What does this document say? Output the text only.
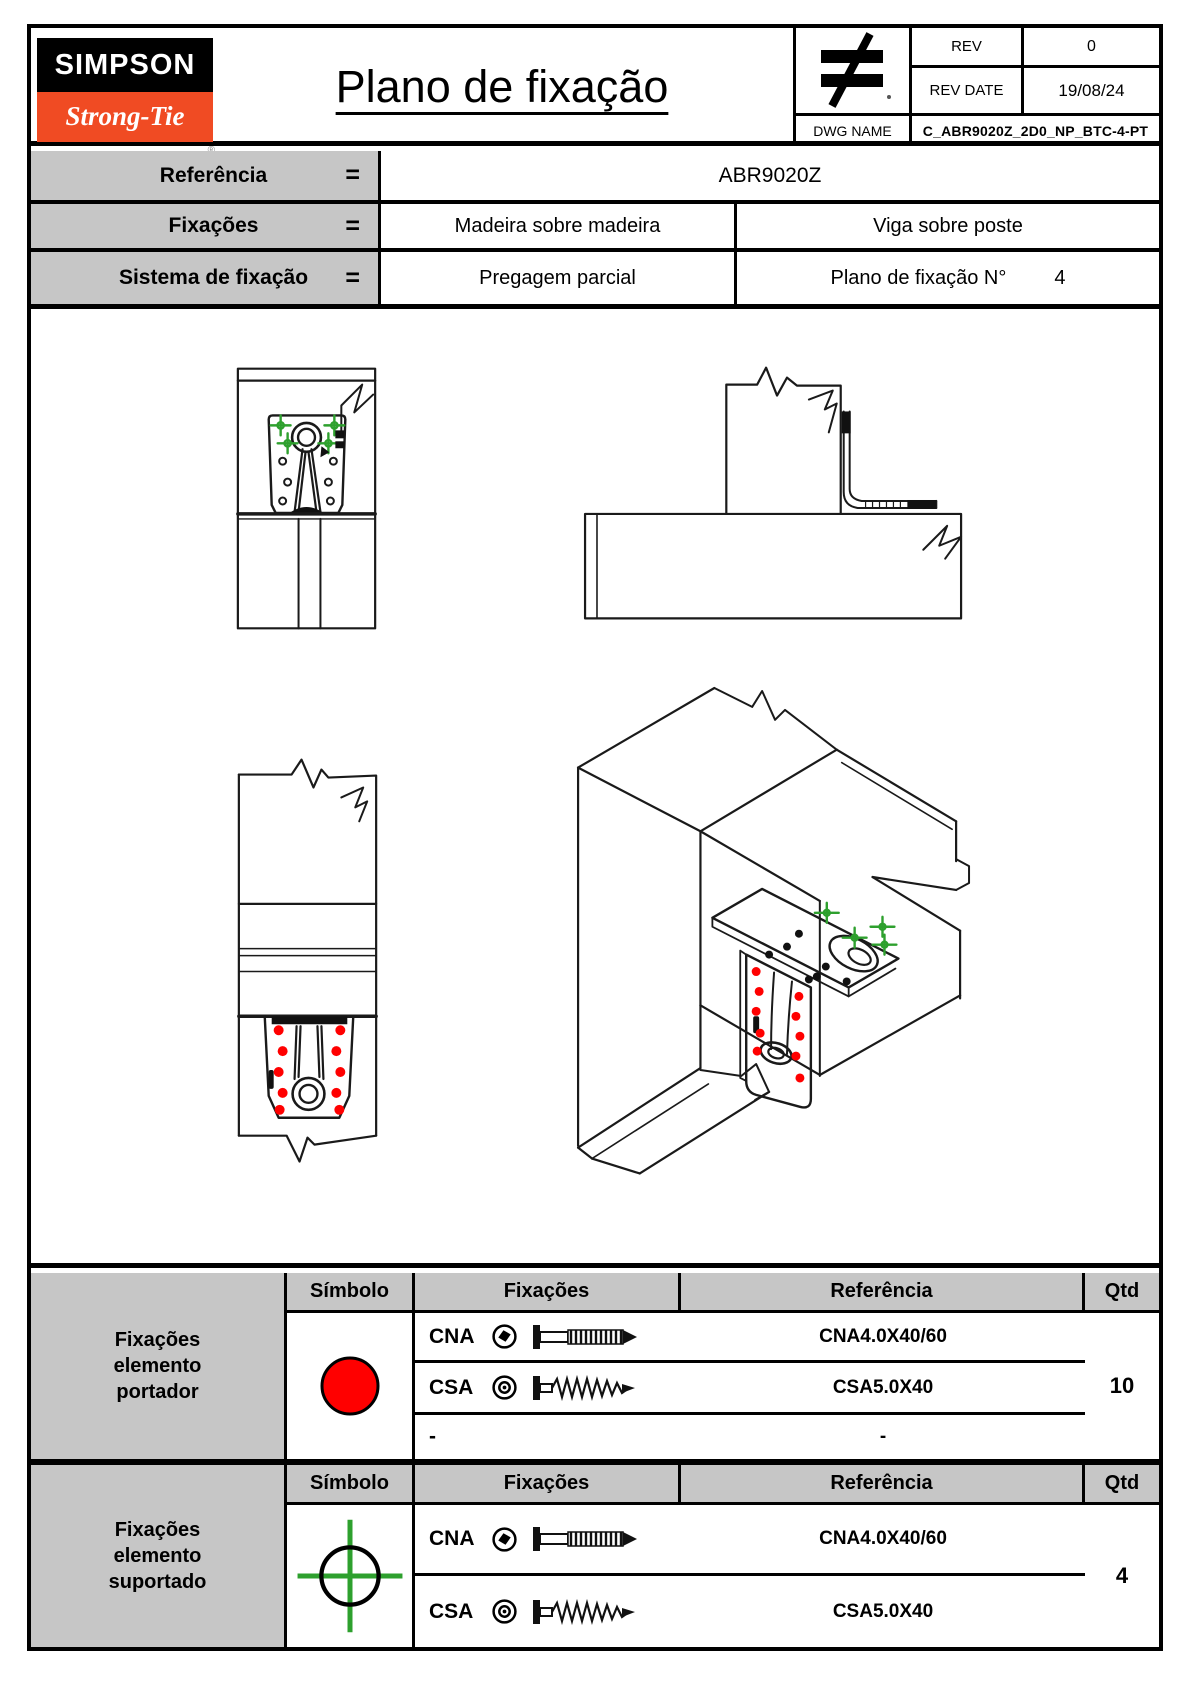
SIMPSON
Strong-Tie
Plano de fixação
REV	0
REV DATE	19/08/24
DWG NAME	C_ABR9020Z_2D0_NP_BTC-4-PT
Referência	=	ABR9020Z
Fixações	=	Madeira sobre madeira	Viga sobre poste
Sistema de fixação	=	Pregagem parcial	Plano de fixação N° 4
Fixações
elemento
portador
Símbolo	Fixações	Referência	Qtd
CNA	CNA4.0X40/60
CSA	CSA5.0X40
-	-
10
Fixações
elemento
suportado
Símbolo	Fixações	Referência	Qtd
CNA	CNA4.0X40/60
CSA	CSA5.0X40
4
